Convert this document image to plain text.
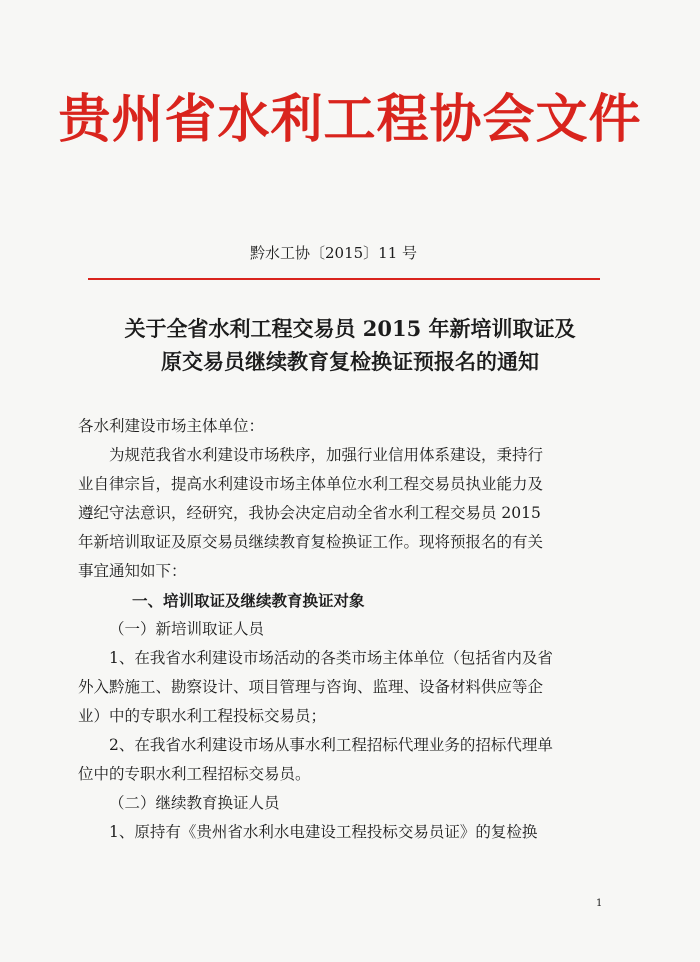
贵州省水利工程协会文件
黔水工协〔2015〕11 号
关于全省水利工程交易员 2015 年新培训取证及
原交易员继续教育复检换证预报名的通知

各水利建设市场主体单位：

为规范我省水利建设市场秩序，加强行业信用体系建设，秉持行

业自律宗旨，提高水利建设市场主体单位水利工程交易员执业能力及

遵纪守法意识，经研究，我协会决定启动全省水利工程交易员 2015

年新培训取证及原交易员继续教育复检换证工作。现将预报名的有关

事宜通知如下：

一、培训取证及继续教育换证对象

（一）新培训取证人员

1、在我省水利建设市场活动的各类市场主体单位（包括省内及省

外入黔施工、勘察设计、项目管理与咨询、监理、设备材料供应等企

业）中的专职水利工程投标交易员；

2、在我省水利建设市场从事水利工程招标代理业务的招标代理单

位中的专职水利工程招标交易员。

（二）继续教育换证人员

1、原持有《贵州省水利水电建设工程投标交易员证》的复检换

1
